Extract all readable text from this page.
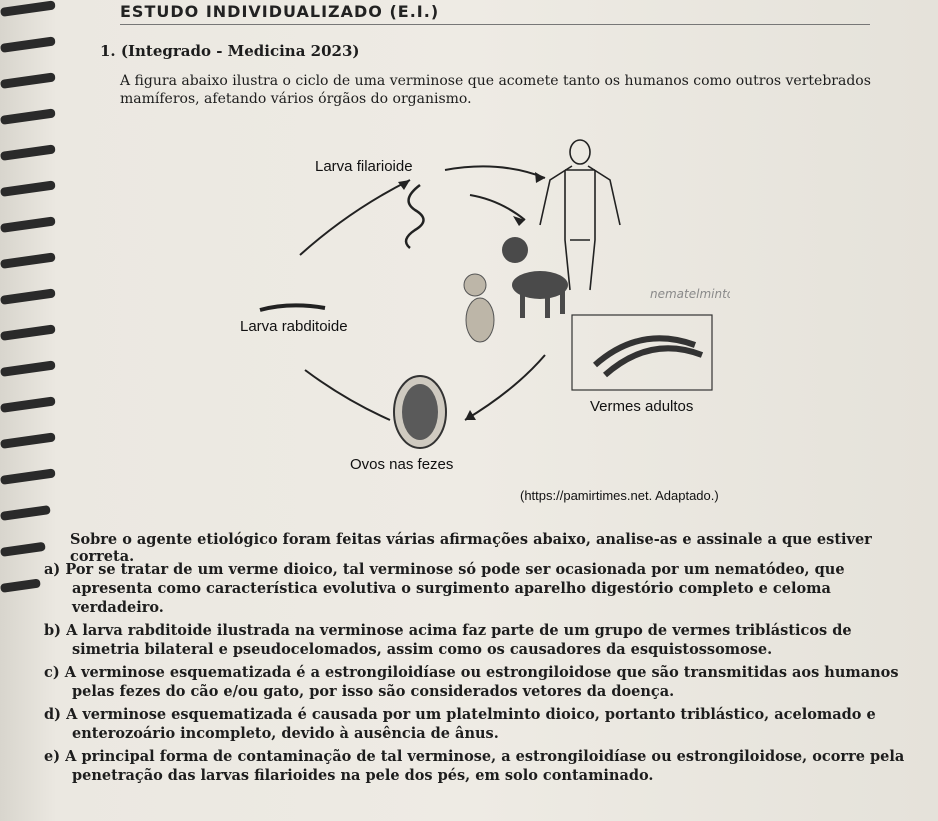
ESTUDO INDIVIDUALIZADO (E.I.)
1. (Integrado - Medicina 2023)
A figura abaixo ilustra o ciclo de uma verminose que acomete tanto os humanos como outros vertebrados mamíferos, afetando vários órgãos do organismo.
nematelminto
Larva filarioide
Larva rabditoide
Vermes adultos
Ovos nas fezes
(https://pamirtimes.net. Adaptado.)
Sobre o agente etiológico foram feitas várias afirmações abaixo, analise-as e assinale a que estiver correta.
a) Por se tratar de um verme dioico, tal verminose só pode ser ocasionada por um nematódeo, que apresenta como característica evolutiva o surgimento aparelho digestório completo e celoma verdadeiro.
b) A larva rabditoide ilustrada na verminose acima faz parte de um grupo de vermes triblásticos de simetria bilateral e pseudocelomados, assim como os causadores da esquistossomose.
c) A verminose esquematizada é a estrongiloidíase ou estrongiloidose que são transmitidas aos humanos pelas fezes do cão e/ou gato, por isso são considerados vetores da doença.
d) A verminose esquematizada é causada por um platelminto dioico, portanto triblástico, acelomado e enterozoário incompleto, devido à ausência de ânus.
e) A principal forma de contaminação de tal verminose, a estrongiloidíase ou estrongiloidose, ocorre pela penetração das larvas filarioides na pele dos pés, em solo contaminado.
